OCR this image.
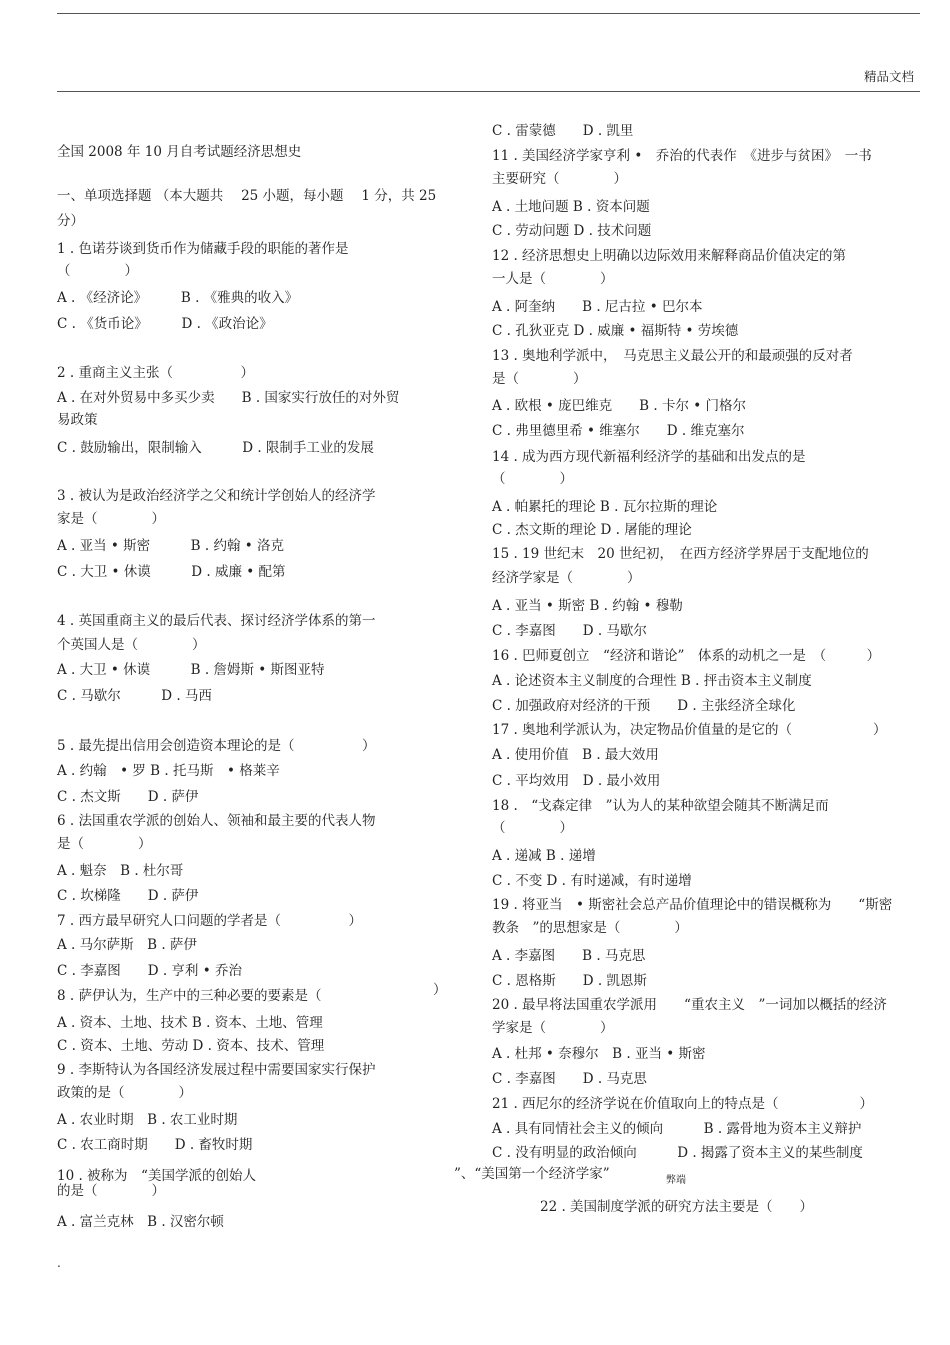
精品文档
全国 2008 年 10 月自考试题经济思想史
一、单项选择题 （本大题共　 25 小题，每小题　 1 分，共 25
分）
1 . 色诺芬谈到货币作为储藏手段的职能的著作是
（　　　　）
A . 《经济论》　　　B . 《雅典的收入》
C . 《货币论》　　　D . 《政治论》
2 . 重商主义主张（　　　　　）
A . 在对外贸易中多买少卖　　B . 国家实行放任的对外贸
易政策
C . 鼓励输出，限制输入　　　D . 限制手工业的发展
3 . 被认为是政治经济学之父和统计学创始人的经济学
家是（　　　　）
A . 亚当 • 斯密　　　B . 约翰 • 洛克
C . 大卫 • 休谟　　　D . 威廉 • 配第
4 . 英国重商主义的最后代表、探讨经济学体系的第一
个英国人是（　　　　）
A . 大卫 • 休谟　　　B . 詹姆斯 • 斯图亚特
C . 马歇尔　　　D . 马西
5 . 最先提出信用会创造资本理论的是（　　　　　）
A . 约翰　• 罗 B . 托马斯　• 格莱辛
C . 杰文斯　　D . 萨伊
6 . 法国重农学派的创始人、领袖和最主要的代表人物
是（　　　　）
A . 魁奈　B . 杜尔哥
C . 坎梯隆　　D . 萨伊
7 . 西方最早研究人口问题的学者是（　　　　　）
A . 马尔萨斯　B . 萨伊
C . 李嘉图　　D . 亨利 • 乔治
8 . 萨伊认为，生产中的三种必要的要素是（	）
A . 资本、土地、技术 B . 资本、土地、管理
C . 资本、土地、劳动 D . 资本、技术、管理
9 . 李斯特认为各国经济发展过程中需要国家实行保护
政策的是（　　　　）
A . 农业时期　B . 农工业时期
C . 农工商时期　　D . 畜牧时期
10 . 被称为　“美国学派的创始人
的是（　　　　）
A . 富兰克林　B . 汉密尔顿
”、“美国第一个经济学家”	弊端
C . 雷蒙德　　D . 凯里
11 . 美国经济学家亨利 •　乔治的代表作　《进步与贫困》　一书
主要研究（　　　　）
A . 土地问题 B . 资本问题
C . 劳动问题 D . 技术问题
12 . 经济思想史上明确以边际效用来解释商品价值决定的第
一人是（　　　　）
A . 阿奎纳　　B . 尼古拉 • 巴尔本
C . 孔狄亚克 D . 威廉 • 福斯特 • 劳埃德
13 . 奥地利学派中，　马克思主义最公开的和最顽强的反对者
是（　　　　）
A . 欧根 • 庞巴维克　　B . 卡尔 • 门格尔
C . 弗里德里希 • 维塞尔　　D . 维克塞尔
14 . 成为西方现代新福利经济学的基础和出发点的是
（　　　　）
A . 帕累托的理论 B . 瓦尔拉斯的理论
C . 杰文斯的理论 D . 屠能的理论
15 . 19 世纪末　20 世纪初，　在西方经济学界居于支配地位的
经济学家是（　　　　）
A . 亚当 • 斯密 B . 约翰 • 穆勒
C . 李嘉图　　D . 马歇尔
16 . 巴师夏创立　“经济和谐论”　体系的动机之一是　（　　　）
A . 论述资本主义制度的合理性 B . 抨击资本主义制度
C . 加强政府对经济的干预　　D . 主张经济全球化
17 . 奥地利学派认为，决定物品价值量的是它的（　　　　　　）
A . 使用价值　B . 最大效用
C . 平均效用　D . 最小效用
18 .　“戈森定律　”认为人的某种欲望会随其不断满足而
（　　　　）
A . 递减 B . 递增
C . 不变 D . 有时递减，有时递增
19 . 将亚当　• 斯密社会总产品价值理论中的错误概称为　　“斯密
教条　”的思想家是（　　　　）
A . 李嘉图　　B . 马克思
C . 恩格斯　　D . 凯恩斯
20 . 最早将法国重农学派用　　“重农主义　”一词加以概括的经济
学家是（　　　　）
A . 杜邦 • 奈穆尔　B . 亚当 • 斯密
C . 李嘉图　　D . 马克思
21 . 西尼尔的经济学说在价值取向上的特点是（　　　　　　）
A . 具有同情社会主义的倾向　　　B . 露骨地为资本主义辩护
C . 没有明显的政治倾向　　　D . 揭露了资本主义的某些制度
22 . 美国制度学派的研究方法主要是（　　）
.
